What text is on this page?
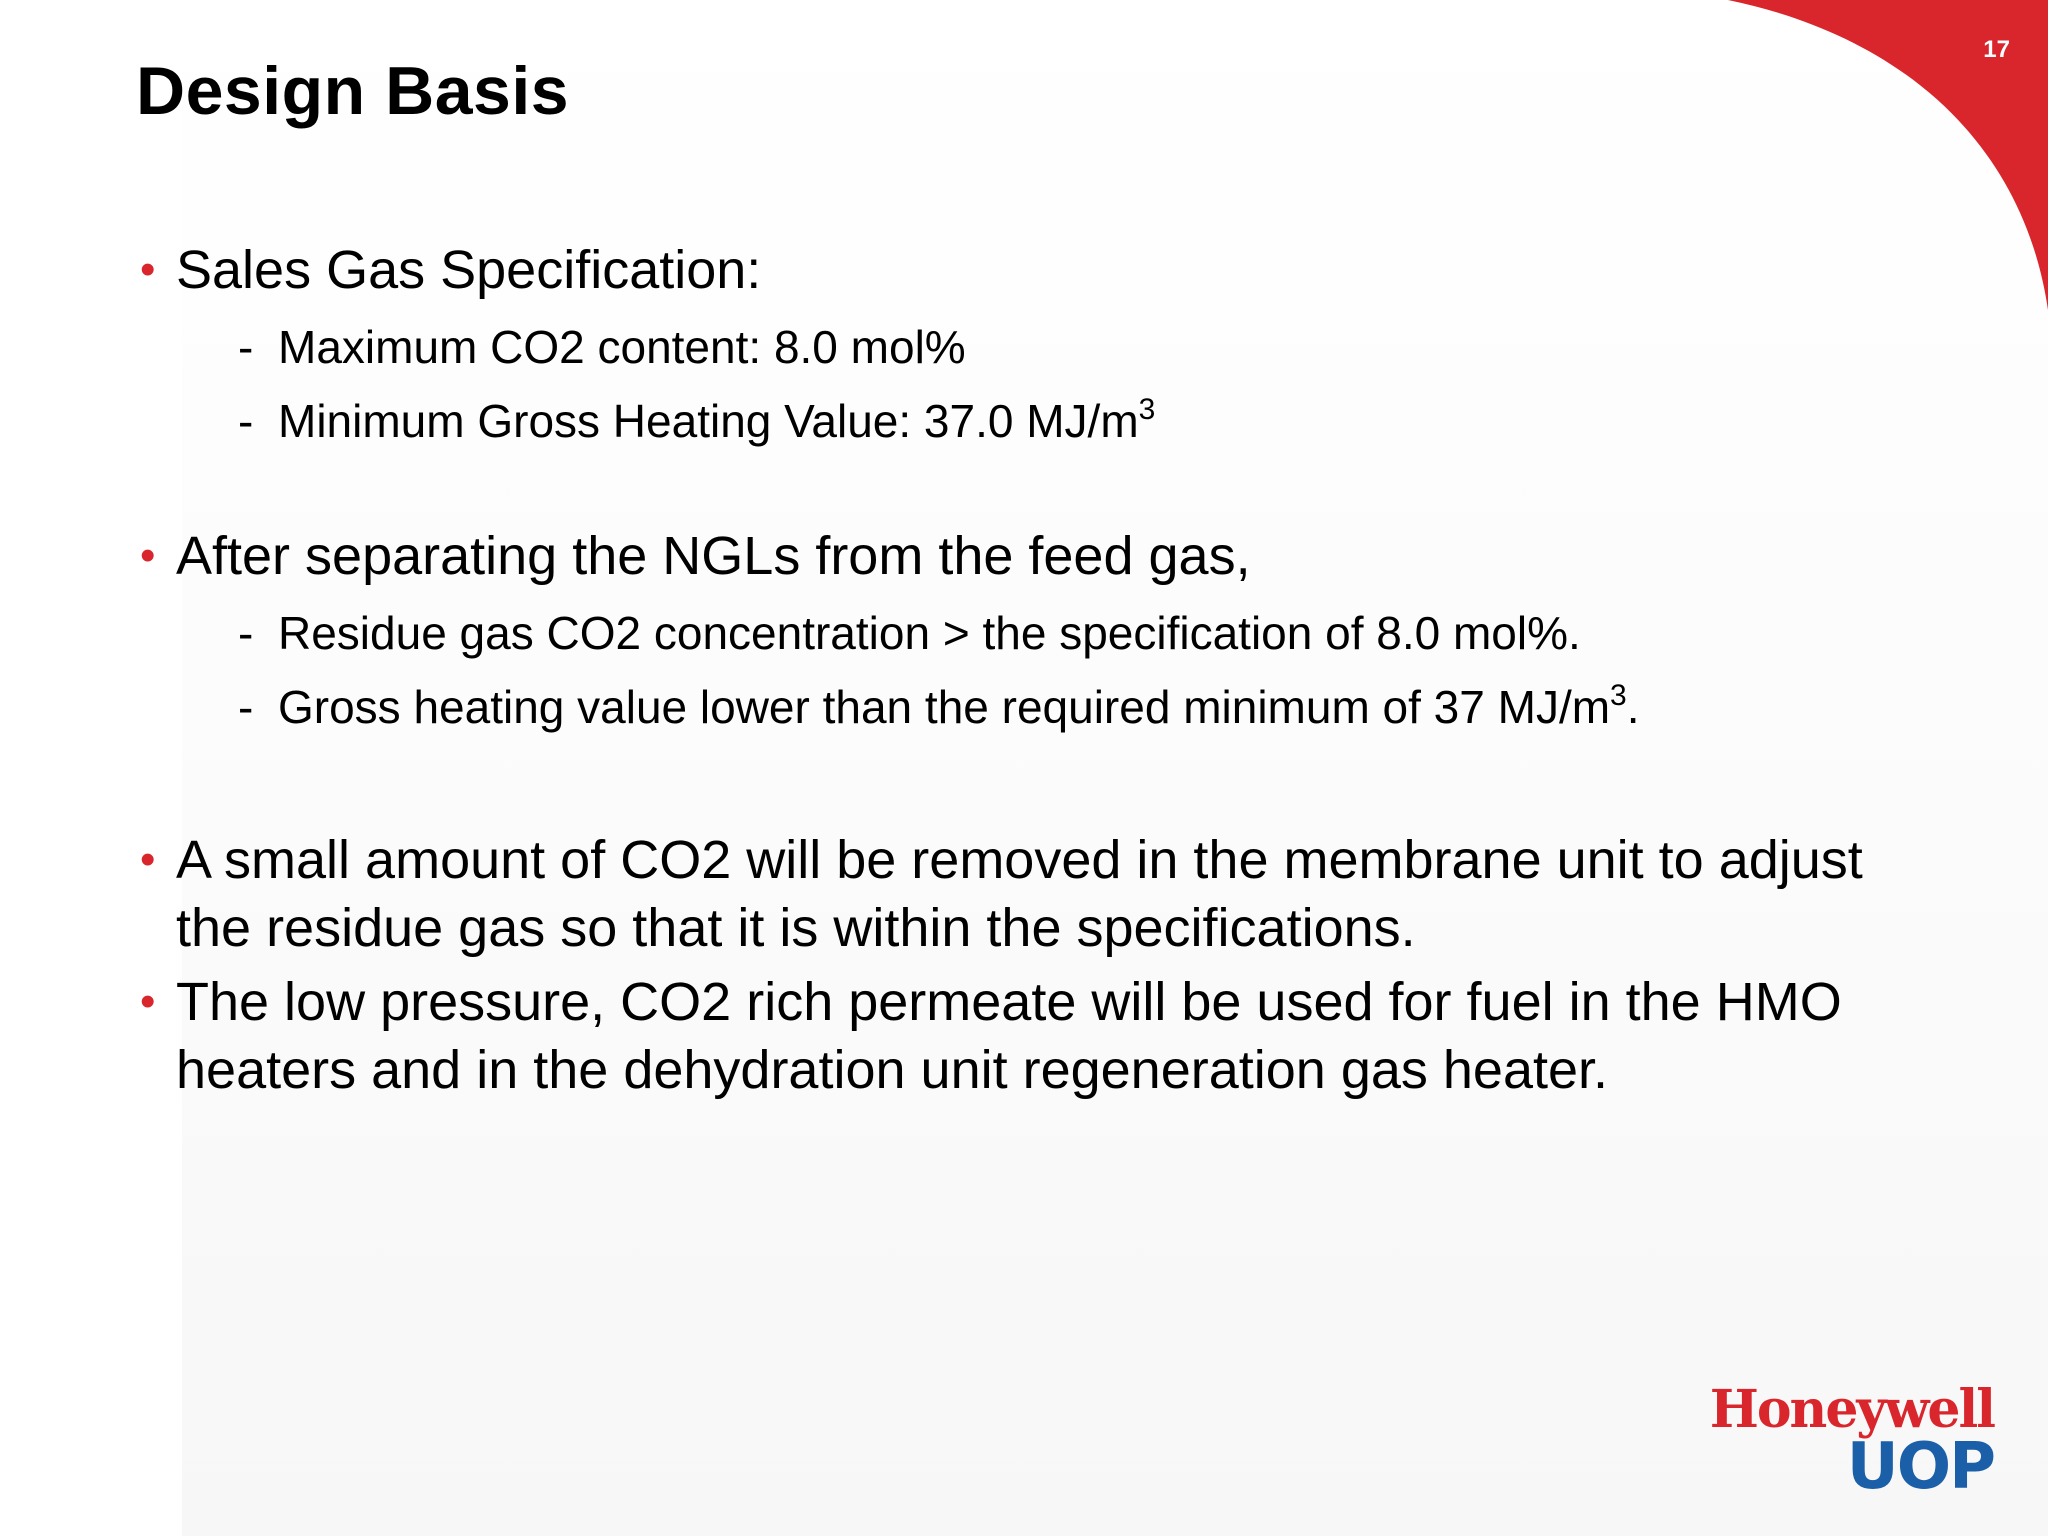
17
Design Basis
• Sales Gas Specification:
- Maximum CO2 content: 8.0 mol%
- Minimum Gross Heating Value: 37.0 $MJ/m^3$
• After separating the NGLs from the feed gas,
- Residue gas CO2 concentration > the specification of 8.0 mol%.
- Gross heating value lower than the required minimum of 37 $MJ/m^3$.
• A small amount of CO2 will be removed in the membrane unit to adjust the residue gas so that it is within the specifications.
• The low pressure, CO2 rich permeate will be used for fuel in the HMO heaters and in the dehydration unit regeneration gas heater.
Honeywell
UOP
